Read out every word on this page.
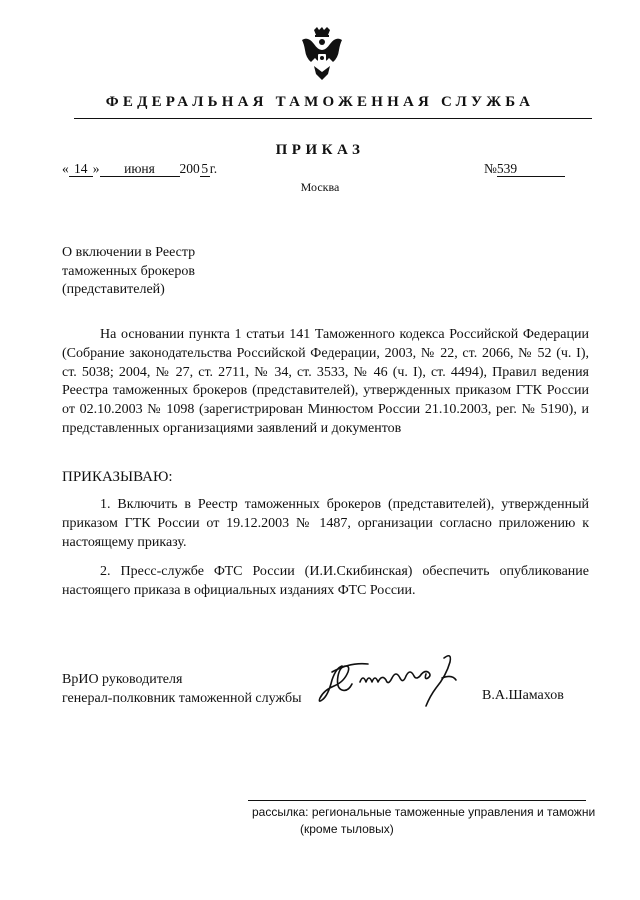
ФЕДЕРАЛЬНАЯ ТАМОЖЕННАЯ СЛУЖБА
ПРИКАЗ
« 14 » июня 200 5 г.	№539
Москва
О включении в Реестр
таможенных брокеров
(представителей)

На основании пункта 1 статьи 141 Таможенного кодекса Российской Федерации (Собрание законодательства Российской Федерации, 2003, № 22, ст. 2066, № 52 (ч. I), ст. 5038; 2004, № 27, ст. 2711, № 34, ст. 3533, № 46 (ч. I), ст. 4494), Правил ведения Реестра таможенных брокеров (представителей), утвержденных приказом ГТК России от 02.10.2003 № 1098 (зарегистрирован Минюстом России 21.10.2003, рег. № 5190), и представленных организациями заявлений и документов

ПРИКАЗЫВАЮ:

1. Включить в Реестр таможенных брокеров (представителей), утвержденный приказом ГТК России от 19.12.2003 № 1487, организации согласно приложению к настоящему приказу.

2. Пресс-службе ФТС России (И.И.Скибинская) обеспечить опубликование настоящего приказа в официальных изданиях ФТС России.

ВрИО руководителя
генерал-полковник таможенной службы	В.А.Шамахов
рассылка: региональные таможенные управления и таможни
(кроме тыловых)
